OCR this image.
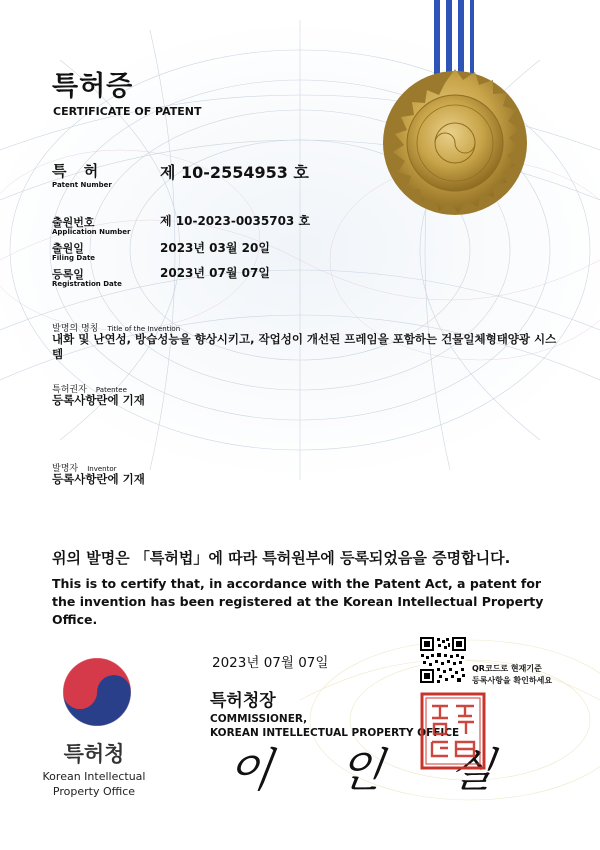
특허증
CERTIFICATE OF PATENT
특 허
Patent Number
제 10-2554953 호
출원번호
Application Number
제 10-2023-0035703 호
출원일
Filing Date
2023년 03월 20일
등록일
Registration Date
2023년 07월 07일
발명의 명칭 Title of the Invention
내화 및 난연성, 방습성능을 향상시키고, 작업성이 개선된 프레임을 포함하는 건물일체형태양광 시스
템
특허권자 Patentee
등록사항란에 기재
발명자 Inventor
등록사항란에 기재
위의 발명은 「특허법」에 따라 특허원부에 등록되었음을 증명합니다.
This is to certify that, in accordance with the Patent Act, a patent for the invention has been registered at the Korean Intellectual Property Office.
2023년 07월 07일	QR코드로 현재기준
등록사항을 확인하세요
특허청장
COMMISSIONER,
KOREAN INTELLECTUAL PROPERTY OFFICE
이 인 실
특허청
Korean Intellectual
Property Office
